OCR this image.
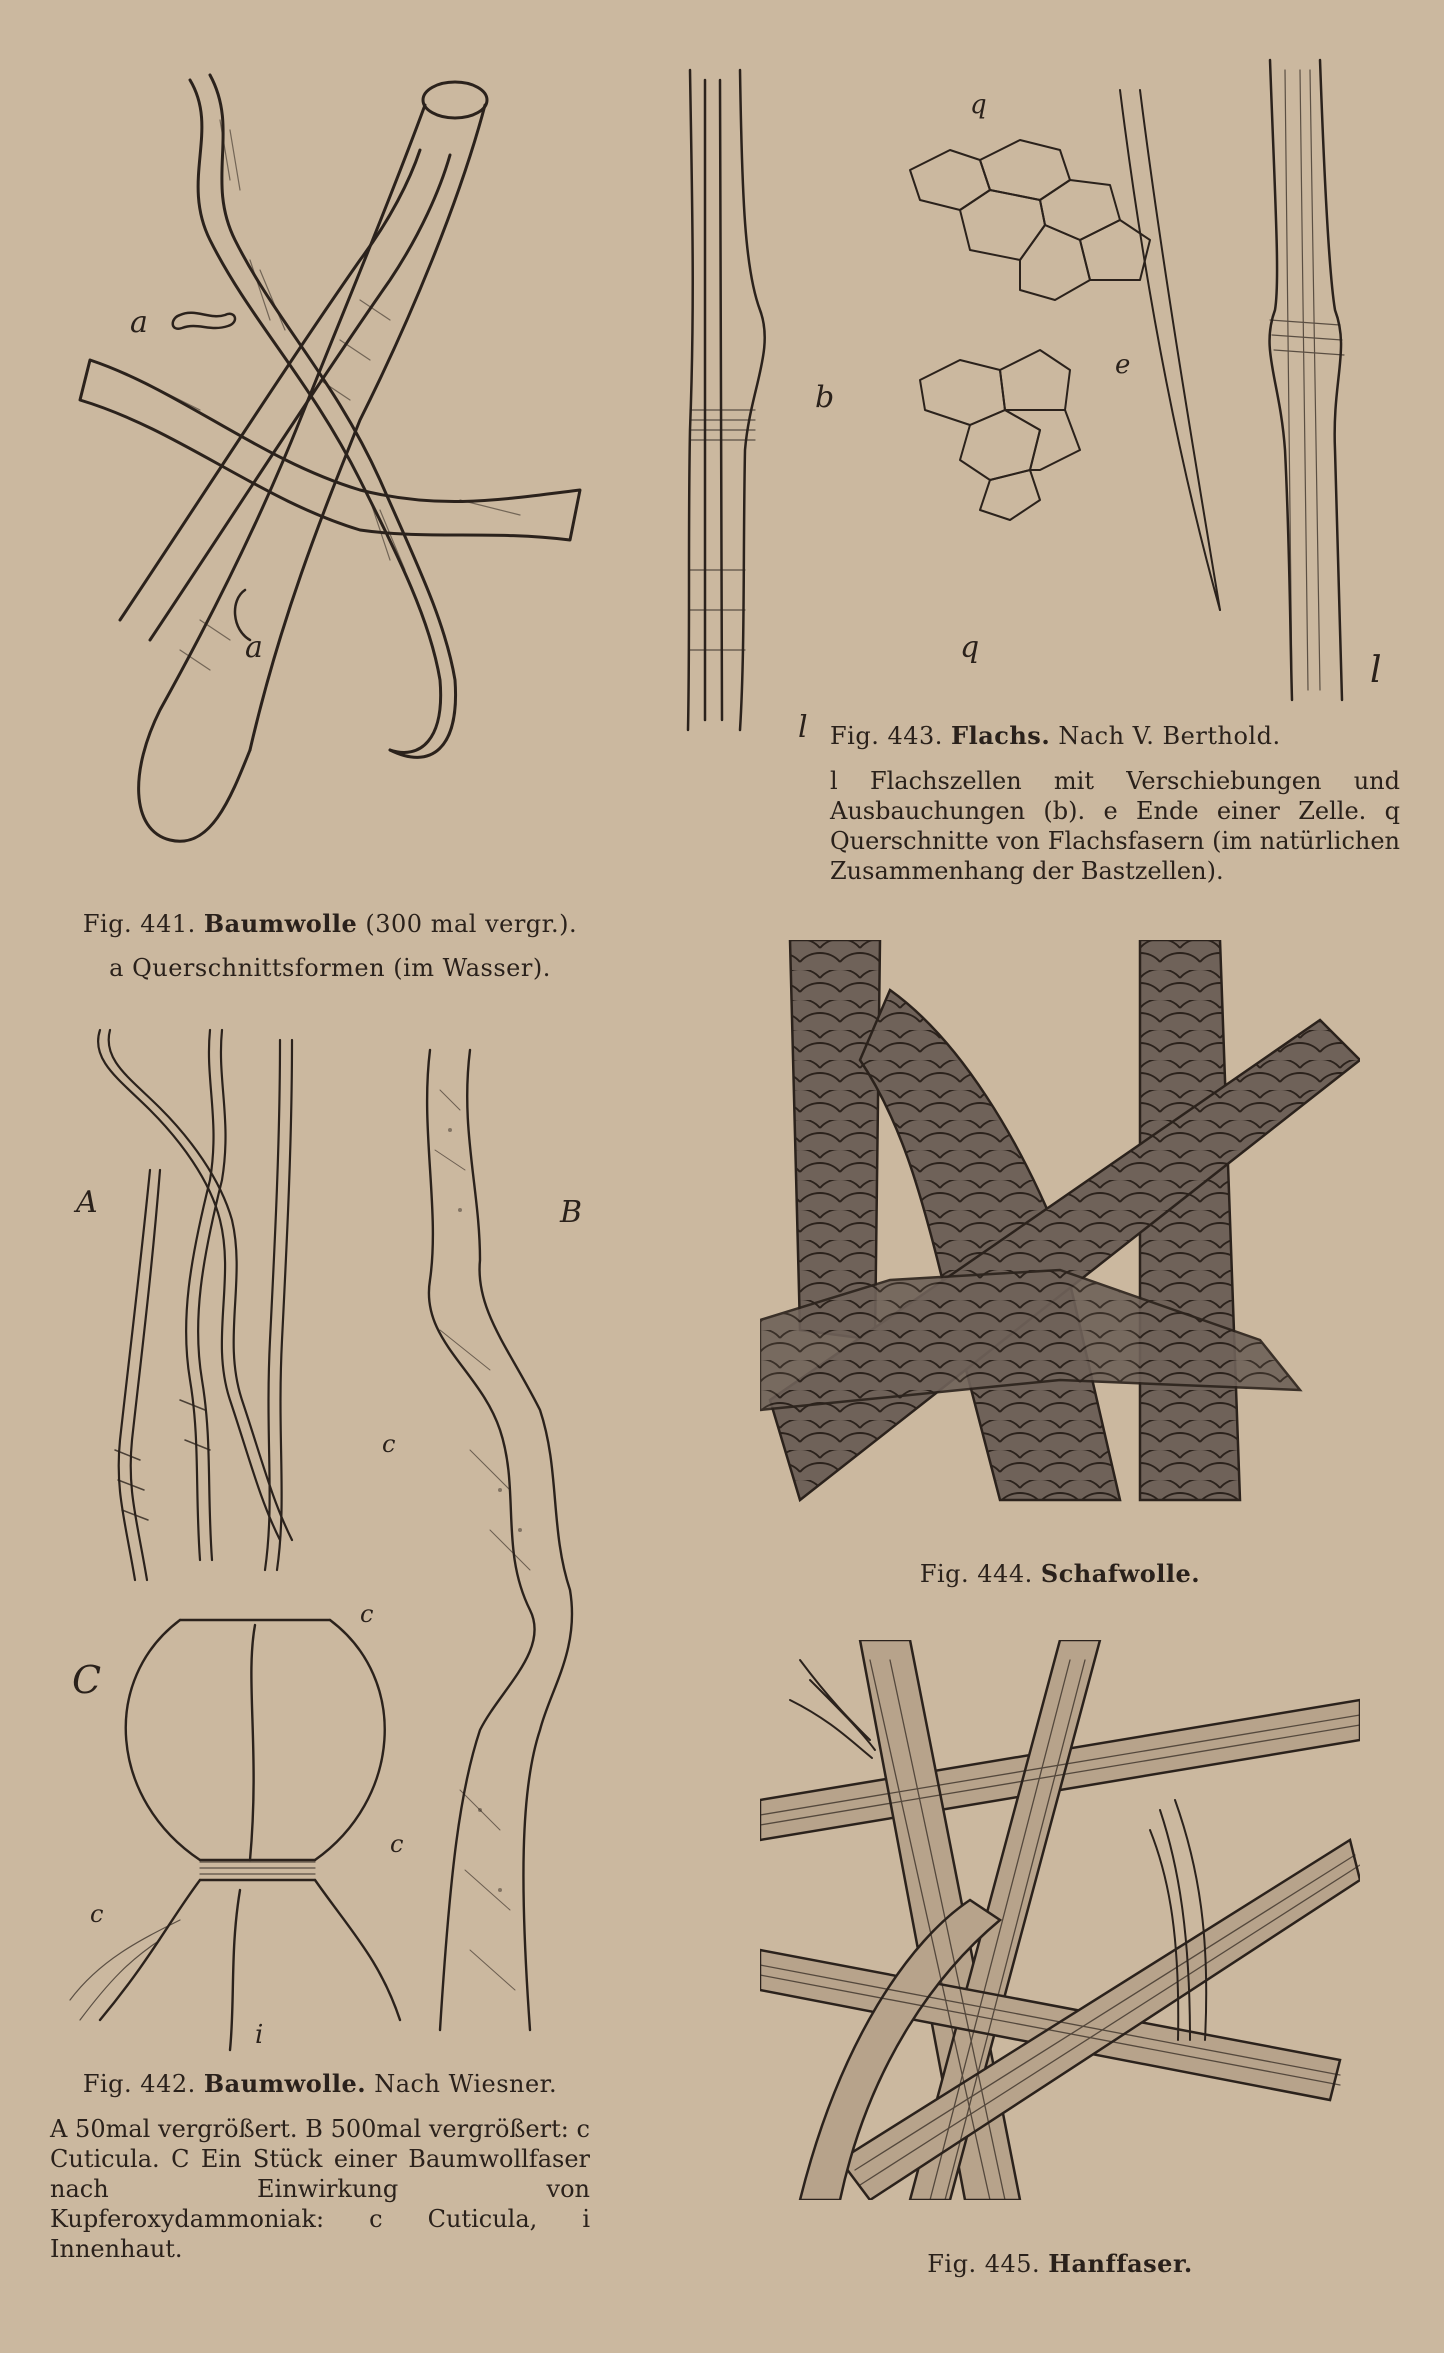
a
a
Fig. 441. Baumwolle (300 mal vergr.).
a Querschnittsformen (im Wasser).
b
l
q
q
e
l
Fig. 443. Flachs. Nach V. Berthold.
l Flachszellen mit Verschiebungen und Ausbauchungen (b). e Ende einer Zelle. q Querschnitte von Flachsfasern (im natürlichen Zusammenhang der Bastzellen).
A	B
c
c
C
c
c
i
Fig. 442. Baumwolle. Nach Wiesner.
A 50mal vergrößert. B 500mal vergrößert: c Cuticula. C Ein Stück einer Baumwollfaser nach Einwirkung von Kupferoxydammoniak: c Cuticula, i Innenhaut.
Fig. 444. Schafwolle.
Fig. 445. Hanffaser.
